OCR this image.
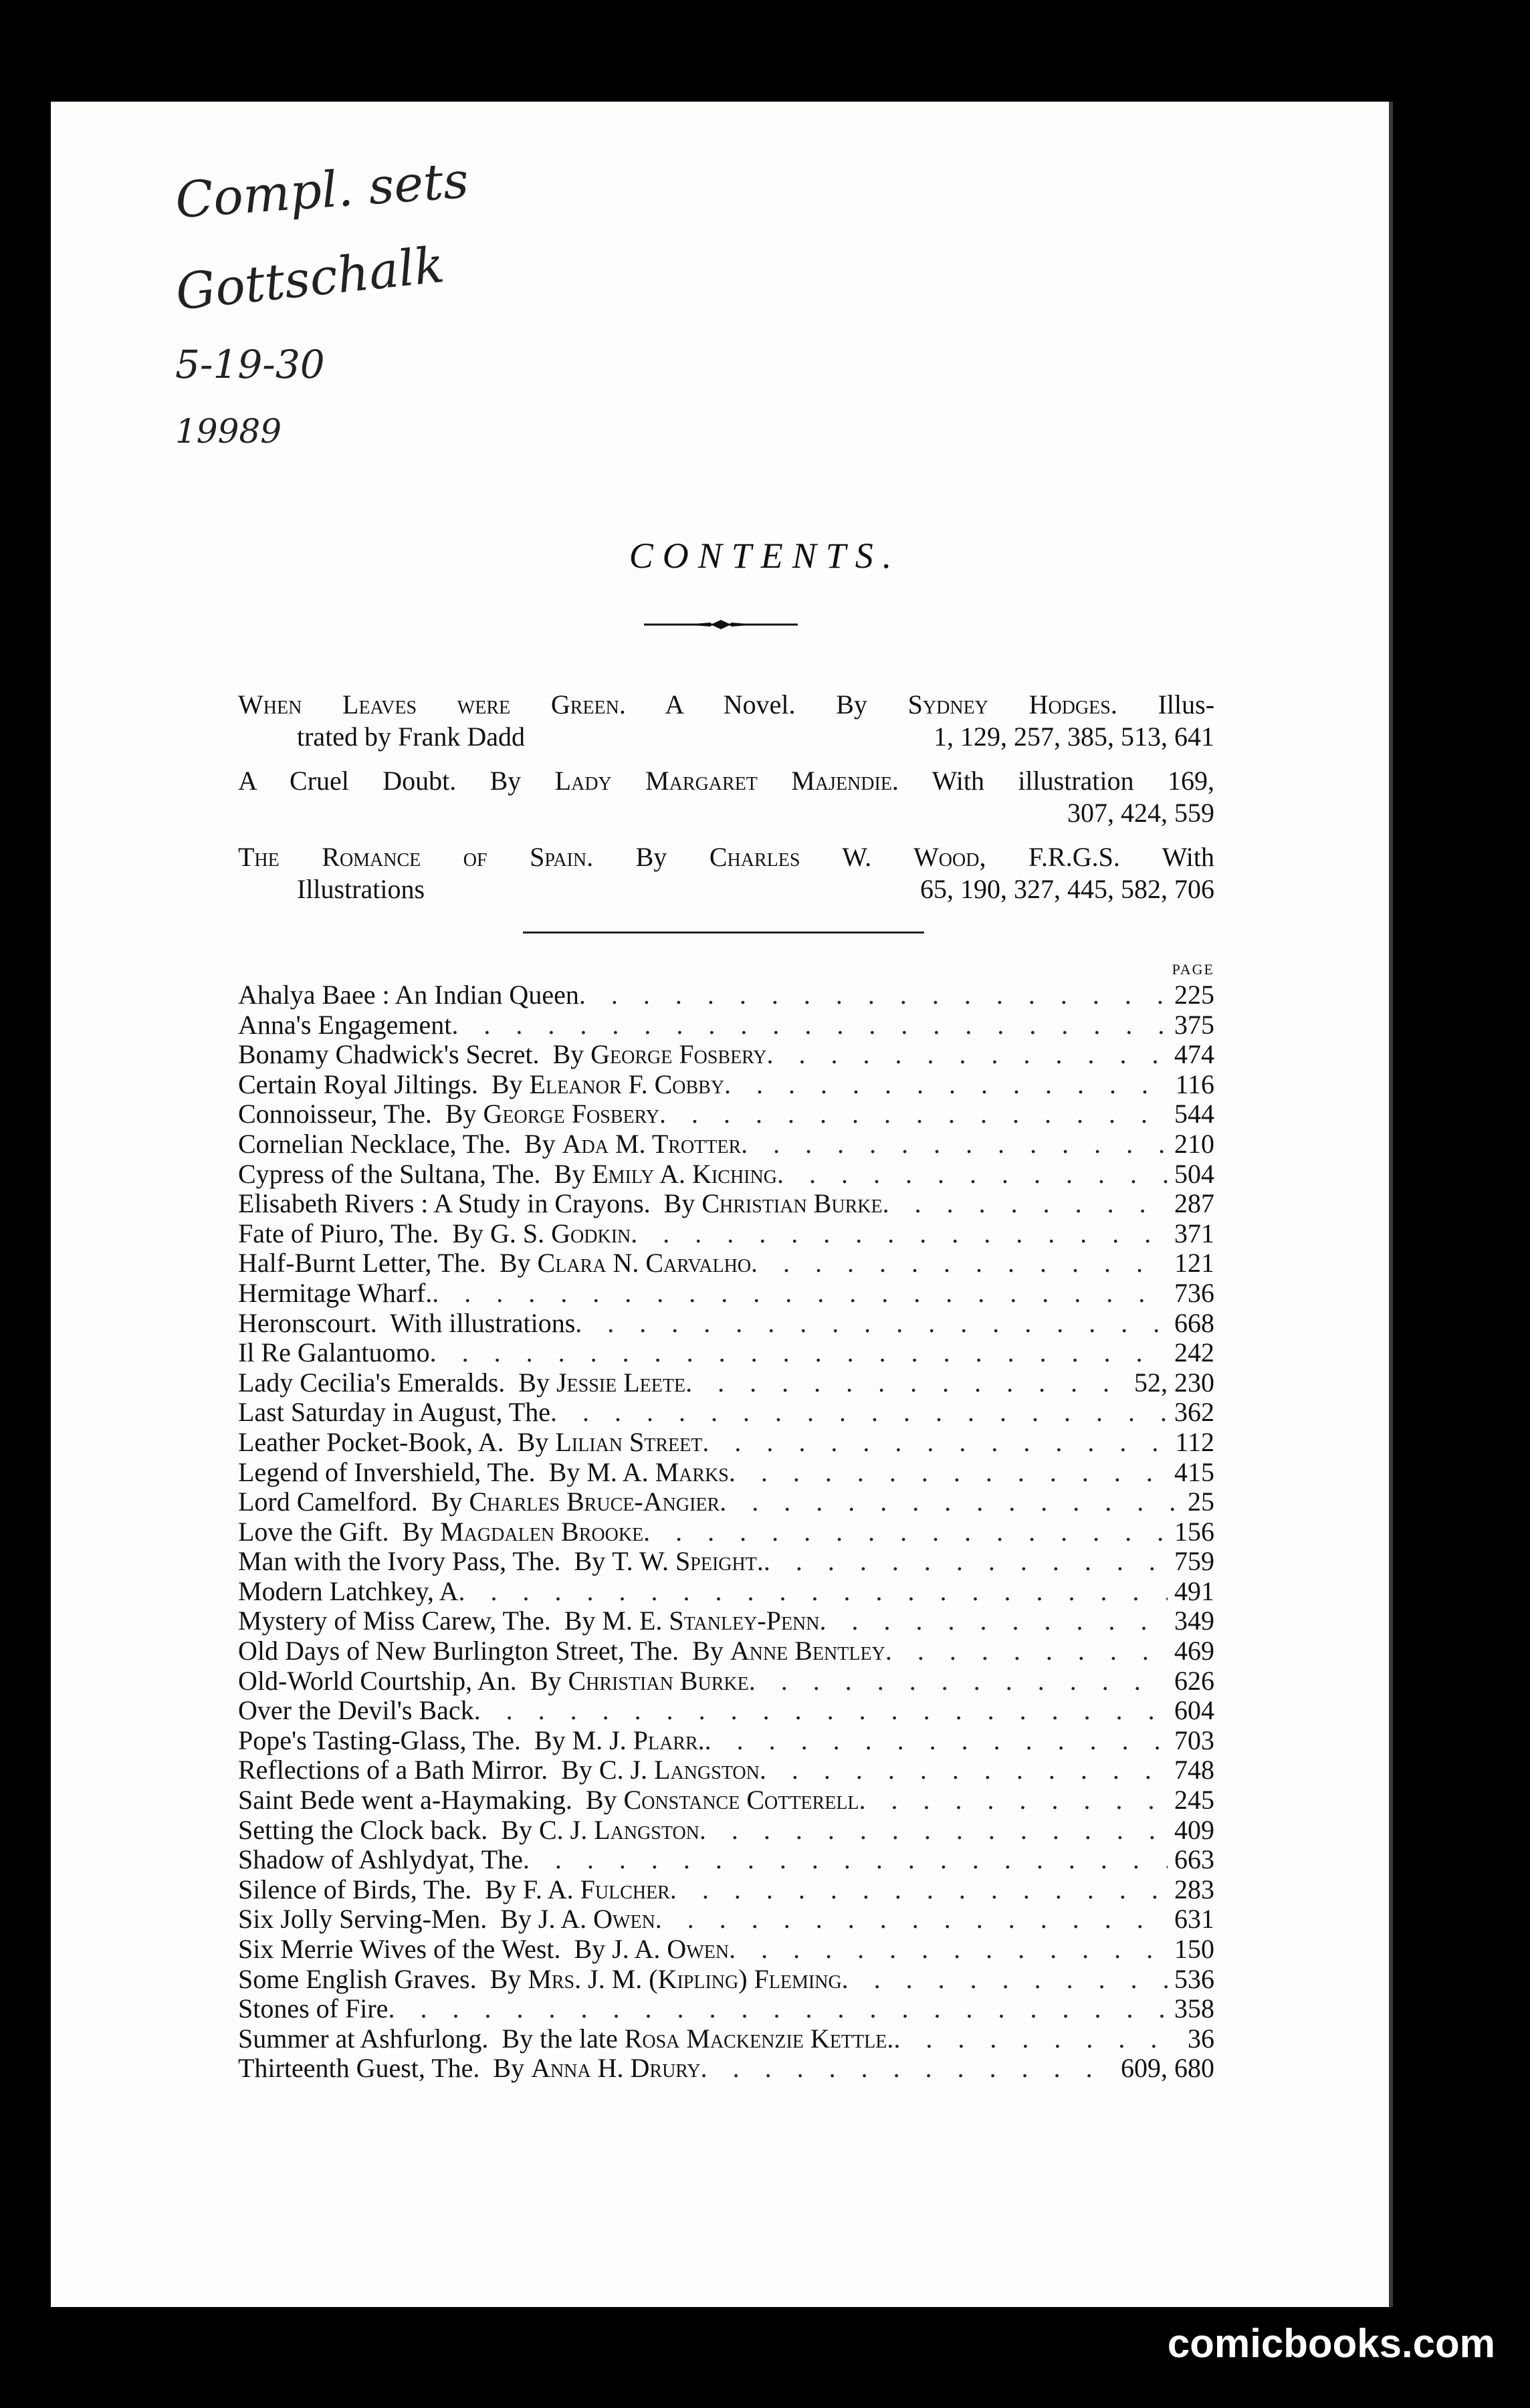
Compl. sets
Gottschalk
5-19-30
19989
CONTENTS.
When Leaves were Green. A Novel. By Sydney Hodges. Illus-
trated by Frank Dadd	1, 129, 257, 385, 513, 641
A Cruel Doubt. By Lady Margaret Majendie. With illustration 169,
307, 424, 559
The Romance of Spain. By Charles W. Wood, F.R.G.S. With
Illustrations	65, 190, 327, 445, 582, 706
PAGE
Ahalya Baee : An Indian Queen . . .	225
Anna's Engagement . . .	375
Bonamy Chadwick's Secret.  By George Fosbery . . .	474
Certain Royal Jiltings.  By Eleanor F. Cobby . . .	116
Connoisseur, The.  By George Fosbery . . .	544
Cornelian Necklace, The.  By Ada M. Trotter . . .	210
Cypress of the Sultana, The.  By Emily A. Kiching . . .	504
Elisabeth Rivers : A Study in Crayons.  By Christian Burke . . .	287
Fate of Piuro, The.  By G. S. Godkin . . .	371
Half-Burnt Letter, The.  By Clara N. Carvalho . . .	121
Hermitage Wharf. . . .	736
Heronscourt.  With illustrations . . .	668
Il Re Galantuomo . . .	242
Lady Cecilia's Emeralds.  By Jessie Leete . . .	52, 230
Last Saturday in August, The . . .	362
Leather Pocket-Book, A.  By Lilian Street . . .	112
Legend of Invershield, The.  By M. A. Marks . . .	415
Lord Camelford.  By Charles Bruce-Angier . . .	25
Love the Gift.  By Magdalen Brooke . . .	156
Man with the Ivory Pass, The.  By T. W. Speight. . . .	759
Modern Latchkey, A . . .	491
Mystery of Miss Carew, The.  By M. E. Stanley-Penn . . .	349
Old Days of New Burlington Street, The.  By Anne Bentley . . .	469
Old-World Courtship, An.  By Christian Burke . . .	626
Over the Devil's Back . . .	604
Pope's Tasting-Glass, The.  By M. J. Plarr. . . .	703
Reflections of a Bath Mirror.  By C. J. Langston . . .	748
Saint Bede went a-Haymaking.  By Constance Cotterell . . .	245
Setting the Clock back.  By C. J. Langston . . .	409
Shadow of Ashlydyat, The . . .	663
Silence of Birds, The.  By F. A. Fulcher . . .	283
Six Jolly Serving-Men.  By J. A. Owen . . .	631
Six Merrie Wives of the West.  By J. A. Owen . . .	150
Some English Graves.  By Mrs. J. M. (Kipling) Fleming . . .	536
Stones of Fire . . .	358
Summer at Ashfurlong.  By the late Rosa Mackenzie Kettle. . . .	36
Thirteenth Guest, The.  By Anna H. Drury . . .	609, 680
comicbooks.com
